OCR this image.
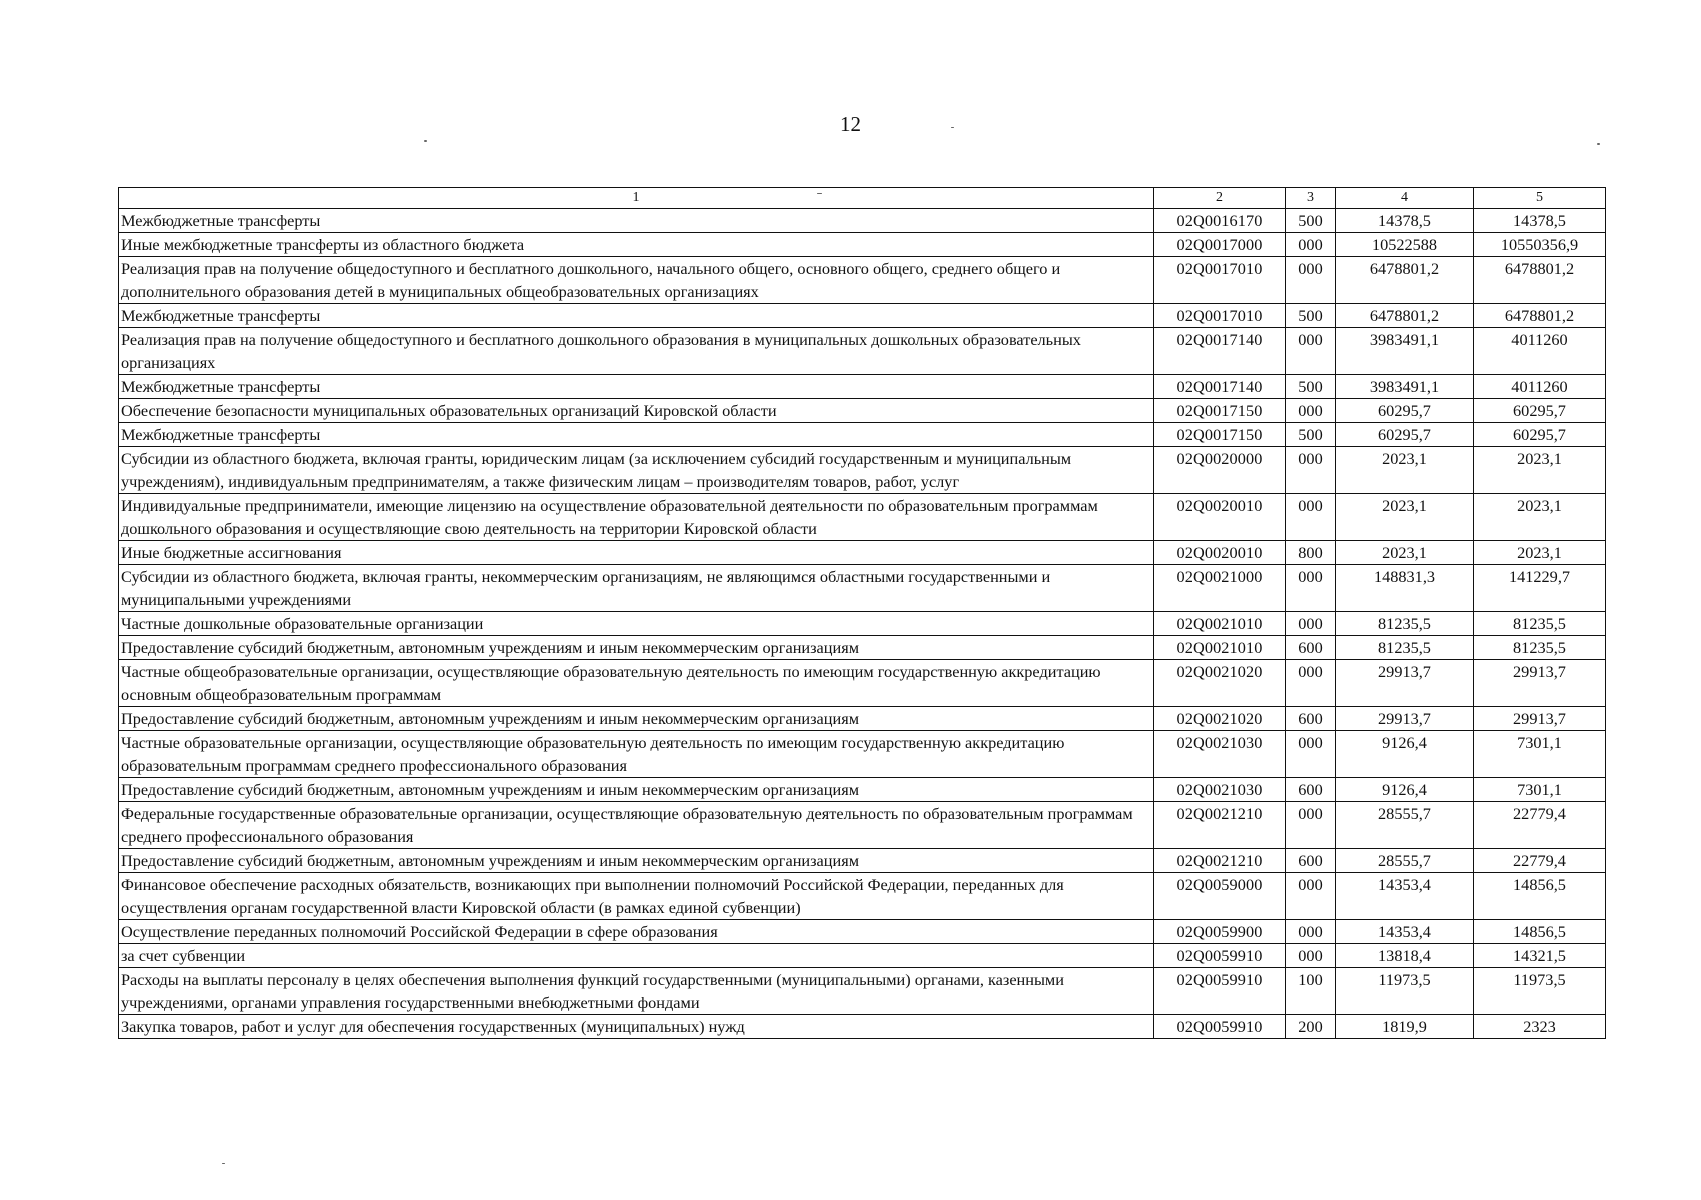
12
1	2	3	4	5
Межбюджетные трансферты	02Q0016170	500	14378,5	14378,5
Иные межбюджетные трансферты из областного бюджета	02Q0017000	000	10522588	10550356,9
Реализация прав на получение общедоступного и бесплатного дошкольного, начального общего, основного общего, среднего общего и дополнительного образования детей в муниципальных общеобразовательных организациях	02Q0017010	000	6478801,2	6478801,2
Межбюджетные трансферты	02Q0017010	500	6478801,2	6478801,2
Реализация прав на получение общедоступного и бесплатного дошкольного образования в муниципальных дошкольных образовательных организациях	02Q0017140	000	3983491,1	4011260
Межбюджетные трансферты	02Q0017140	500	3983491,1	4011260
Обеспечение безопасности муниципальных образовательных организаций Кировской области	02Q0017150	000	60295,7	60295,7
Межбюджетные трансферты	02Q0017150	500	60295,7	60295,7
Субсидии из областного бюджета, включая гранты, юридическим лицам (за исключением субсидий государственным и муниципальным учреждениям), индивидуальным предпринимателям, а также физическим лицам – производителям товаров, работ, услуг	02Q0020000	000	2023,1	2023,1
Индивидуальные предприниматели, имеющие лицензию на осуществление образовательной деятельности по образовательным программам дошкольного образования и осуществляющие свою деятельность на территории Кировской области	02Q0020010	000	2023,1	2023,1
Иные бюджетные ассигнования	02Q0020010	800	2023,1	2023,1
Субсидии из областного бюджета, включая гранты, некоммерческим организациям, не являющимся областными государственными и муниципальными учреждениями	02Q0021000	000	148831,3	141229,7
Частные дошкольные образовательные организации	02Q0021010	000	81235,5	81235,5
Предоставление субсидий бюджетным, автономным учреждениям и иным некоммерческим организациям	02Q0021010	600	81235,5	81235,5
Частные общеобразовательные организации, осуществляющие образовательную деятельность по имеющим государственную аккредитацию основным общеобразовательным программам	02Q0021020	000	29913,7	29913,7
Предоставление субсидий бюджетным, автономным учреждениям и иным некоммерческим организациям	02Q0021020	600	29913,7	29913,7
Частные образовательные организации, осуществляющие образовательную деятельность по имеющим государственную аккредитацию образовательным программам среднего профессионального образования	02Q0021030	000	9126,4	7301,1
Предоставление субсидий бюджетным, автономным учреждениям и иным некоммерческим организациям	02Q0021030	600	9126,4	7301,1
Федеральные государственные образовательные организации, осуществляющие образовательную деятельность по образовательным программам среднего профессионального образования	02Q0021210	000	28555,7	22779,4
Предоставление субсидий бюджетным, автономным учреждениям и иным некоммерческим организациям	02Q0021210	600	28555,7	22779,4
Финансовое обеспечение расходных обязательств, возникающих при выполнении полномочий Российской Федерации, переданных для осуществления органам государственной власти Кировской области (в рамках единой субвенции)	02Q0059000	000	14353,4	14856,5
Осуществление переданных полномочий Российской Федерации в сфере образования	02Q0059900	000	14353,4	14856,5
за счет субвенции	02Q0059910	000	13818,4	14321,5
Расходы на выплаты персоналу в целях обеспечения выполнения функций государственными (муниципальными) органами, казенными учреждениями, органами управления государственными внебюджетными фондами	02Q0059910	100	11973,5	11973,5
Закупка товаров, работ и услуг для обеспечения государственных (муниципальных) нужд	02Q0059910	200	1819,9	2323
